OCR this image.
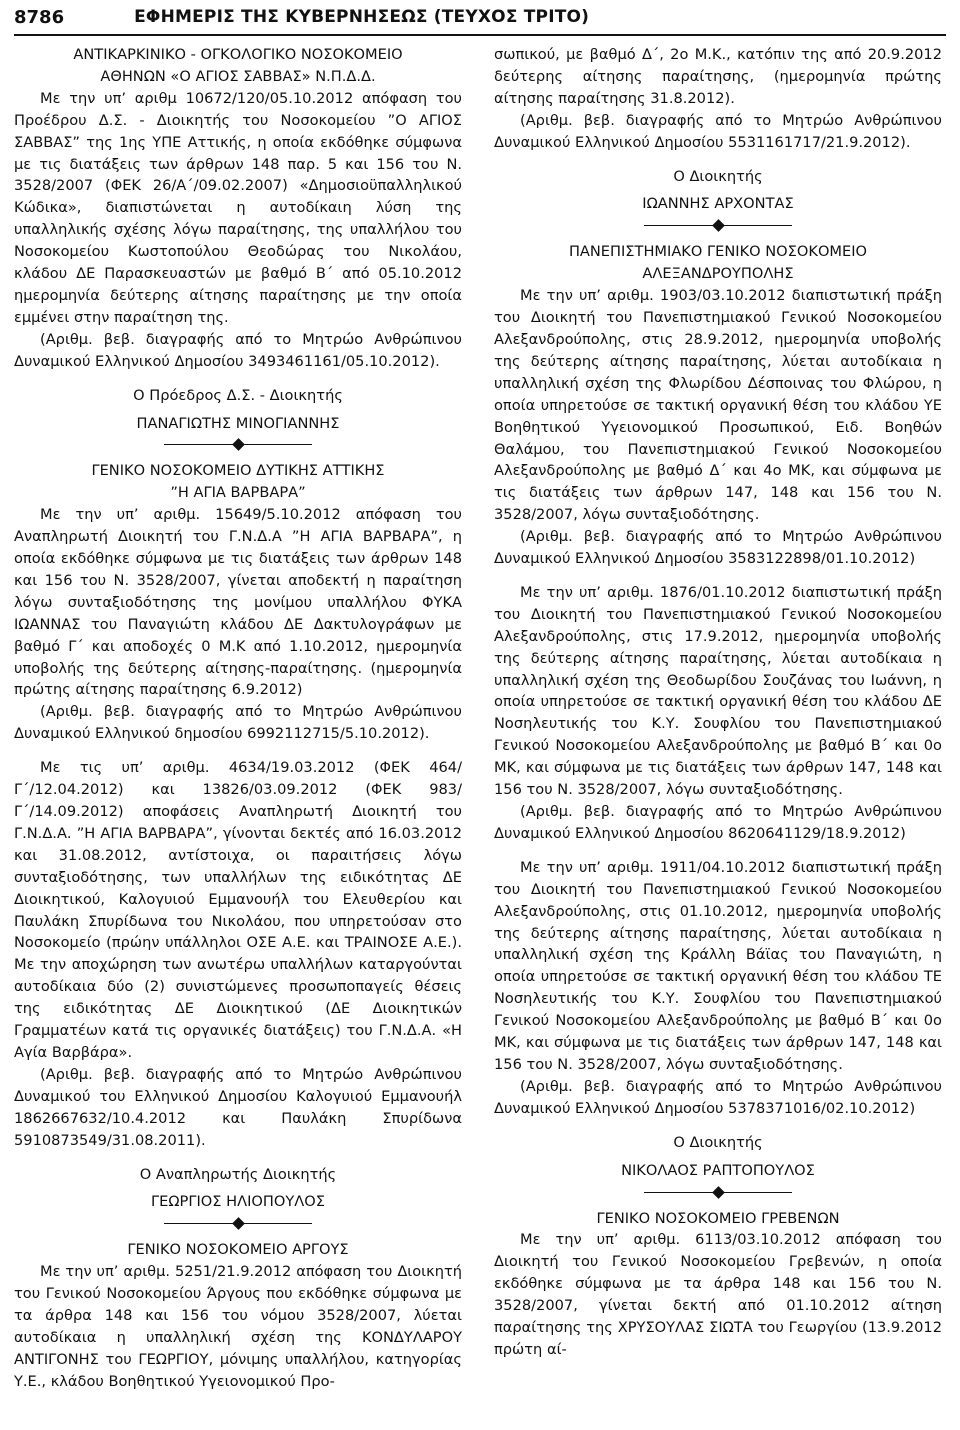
8786	ΕΦΗΜΕΡΙΣ ΤΗΣ ΚΥΒΕΡΝΗΣΕΩΣ (ΤΕΥΧΟΣ ΤΡΙΤΟ)

ΑΝΤΙΚΑΡΚΙΝΙΚΟ - ΟΓΚΟΛΟΓΙΚΟ ΝΟΣΟΚΟΜΕΙΟ

ΑΘΗΝΩΝ «Ο ΑΓΙΟΣ ΣΑΒΒΑΣ» Ν.Π.Δ.Δ.

Με την υπ’ αριθμ 10672/120/05.10.2012 απόφαση του Προέδρου Δ.Σ. - Διοικητής του Νοσοκομείου ”Ο ΑΓΙΟΣ ΣΑΒΒΑΣ” της 1ης ΥΠΕ Αττικής, η οποία εκδόθηκε σύμφωνα με τις διατάξεις των άρθρων 148 παρ. 5 και 156 του Ν. 3528/2007 (ΦΕΚ 26/Α΄/09.02.2007) «Δημοσιοϋπαλληλικού Κώδικα», διαπιστώνεται η αυτοδίκαιη λύση της υπαλληλικής σχέσης λόγω παραίτησης, της υπαλλήλου του Νοσοκομείου Κωστοπούλου Θεοδώρας του Νικολάου, κλάδου ΔΕ Παρασκευαστών με βαθμό Β΄ από 05.10.2012 ημερομηνία δεύτερης αίτησης παραίτησης με την οποία εμμένει στην παραίτηση της.

(Αριθμ. βεβ. διαγραφής από το Μητρώο Ανθρώπινου Δυναμικού Ελληνικού Δημοσίου 3493461161/05.10.2012).

Ο Πρόεδρος Δ.Σ. - Διοικητής

ΠΑΝΑΓΙΩΤΗΣ ΜΙΝΟΓΙΑΝΝΗΣ

ΓΕΝΙΚΟ ΝΟΣΟΚΟΜΕΙΟ ΔΥΤΙΚΗΣ ΑΤΤΙΚΗΣ

”Η ΑΓΙΑ ΒΑΡΒΑΡΑ”

Με την υπ’ αριθμ. 15649/5.10.2012 απόφαση του Αναπληρωτή Διοικητή του Γ.Ν.Δ.Α ”Η ΑΓΙΑ ΒΑΡΒΑΡΑ”, η οποία εκδόθηκε σύμφωνα με τις διατάξεις των άρθρων 148 και 156 του Ν. 3528/2007, γίνεται αποδεκτή η παραίτηση λόγω συνταξιοδότησης της μονίμου υπαλλήλου ΦΥΚΑ ΙΩΑΝΝΑΣ του Παναγιώτη κλάδου ΔΕ Δακτυλογράφων με βαθμό Γ΄ και αποδοχές 0 Μ.Κ από 1.10.2012, ημερομηνία υποβολής της δεύτερης αίτησης-παραίτησης. (ημερομηνία πρώτης αίτησης παραίτησης 6.9.2012)

(Αριθμ. βεβ. διαγραφής από το Μητρώο Ανθρώπινου Δυναμικού Ελληνικού δημοσίου 6992112715/5.10.2012).

Με τις υπ’ αριθμ. 4634/19.03.2012 (ΦΕΚ 464/Γ΄/12.04.2012) και 13826/03.09.2012 (ΦΕΚ 983/Γ΄/14.09.2012) αποφάσεις Αναπληρωτή Διοικητή του Γ.Ν.Δ.Α. ”Η ΑΓΙΑ ΒΑΡΒΑΡΑ”, γίνονται δεκτές από 16.03.2012 και 31.08.2012, αντίστοιχα, οι παραιτήσεις λόγω συνταξιοδότησης, των υπαλλήλων της ειδικότητας ΔΕ Διοικητικού, Καλογυιού Εμμανουήλ του Ελευθερίου και Παυλάκη Σπυρίδωνα του Νικολάου, που υπηρετούσαν στο Νοσοκομείο (πρώην υπάλληλοι ΟΣΕ Α.Ε. και ΤΡΑΙΝΟΣΕ Α.Ε.). Με την αποχώρηση των ανωτέρω υπαλλήλων καταργούνται αυτοδίκαια δύο (2) συνιστώμενες προσωποπαγείς θέσεις της ειδικότητας ΔΕ Διοικητικού (ΔΕ Διοικητικών Γραμματέων κατά τις οργανικές διατάξεις) του Γ.Ν.Δ.Α. «Η Αγία Βαρβάρα».

(Αριθμ. βεβ. διαγραφής από το Μητρώο Ανθρώπινου Δυναμικού του Ελληνικού Δημοσίου Καλογυιού Εμμανουήλ 1862667632/10.4.2012 και Παυλάκη Σπυρίδωνα 5910873549/31.08.2011).

Ο Αναπληρωτής Διοικητής

ΓΕΩΡΓΙΟΣ ΗΛΙΟΠΟΥΛΟΣ

ΓΕΝΙΚΟ ΝΟΣΟΚΟΜΕΙΟ ΑΡΓΟΥΣ

Με την υπ’ αριθμ. 5251/21.9.2012 απόφαση του Διοικητή του Γενικού Νοσοκομείου Άργους που εκδόθηκε σύμφωνα με τα άρθρα 148 και 156 του νόμου 3528/2007, λύεται αυτοδίκαια η υπαλληλική σχέση της ΚΟΝΔΥΛΑΡΟΥ ΑΝΤΙΓΟΝΗΣ του ΓΕΩΡΓΙΟΥ, μόνιμης υπαλλήλου, κατηγορίας Υ.Ε., κλάδου Βοηθητικού Υγειονομικού Προ-

σωπικού, με βαθμό Δ΄, 2ο Μ.Κ., κατόπιν της από 20.9.2012 δεύτερης αίτησης παραίτησης, (ημερομηνία πρώτης αίτησης παραίτησης 31.8.2012).

(Αριθμ. βεβ. διαγραφής από το Μητρώο Ανθρώπινου Δυναμικού Ελληνικού Δημοσίου 5531161717/21.9.2012).

Ο Διοικητής

ΙΩΑΝΝΗΣ ΑΡΧΟΝΤΑΣ

ΠΑΝΕΠΙΣΤΗΜΙΑΚΟ ΓΕΝΙΚΟ ΝΟΣΟΚΟΜΕΙΟ

ΑΛΕΞΑΝΔΡΟΥΠΟΛΗΣ

Με την υπ’ αριθμ. 1903/03.10.2012 διαπιστωτική πράξη του Διοικητή του Πανεπιστημιακού Γενικού Νοσοκομείου Αλεξανδρούπολης, στις 28.9.2012, ημερομηνία υποβολής της δεύτερης αίτησης παραίτησης, λύεται αυτοδίκαια η υπαλληλική σχέση της Φλωρίδου Δέσποινας του Φλώρου, η οποία υπηρετούσε σε τακτική οργανική θέση του κλάδου ΥΕ Βοηθητικού Υγειονομικού Προσωπικού, Ειδ. Βοηθών Θαλάμου, του Πανεπιστημιακού Γενικού Νοσοκομείου Αλεξανδρούπολης με βαθμό Δ΄ και 4ο ΜΚ, και σύμφωνα με τις διατάξεις των άρθρων 147, 148 και 156 του Ν. 3528/2007, λόγω συνταξιοδότησης.

(Αριθμ. βεβ. διαγραφής από το Μητρώο Ανθρώπινου Δυναμικού Ελληνικού Δημοσίου 3583122898/01.10.2012)

Με την υπ’ αριθμ. 1876/01.10.2012 διαπιστωτική πράξη του Διοικητή του Πανεπιστημιακού Γενικού Νοσοκομείου Αλεξανδρούπολης, στις 17.9.2012, ημερομηνία υποβολής της δεύτερης αίτησης παραίτησης, λύεται αυτοδίκαια η υπαλληλική σχέση της Θεοδωρίδου Σουζάνας του Ιωάννη, η οποία υπηρετούσε σε τακτική οργανική θέση του κλάδου ΔΕ Νοσηλευτικής του Κ.Υ. Σουφλίου του Πανεπιστημιακού Γενικού Νοσοκομείου Αλεξανδρούπολης με βαθμό Β΄ και 0ο ΜΚ, και σύμφωνα με τις διατάξεις των άρθρων 147, 148 και 156 του Ν. 3528/2007, λόγω συνταξιοδότησης.

(Αριθμ. βεβ. διαγραφής από το Μητρώο Ανθρώπινου Δυναμικού Ελληνικού Δημοσίου 8620641129/18.9.2012)

Με την υπ’ αριθμ. 1911/04.10.2012 διαπιστωτική πράξη του Διοικητή του Πανεπιστημιακού Γενικού Νοσοκομείου Αλεξανδρούπολης, στις 01.10.2012, ημερομηνία υποβολής της δεύτερης αίτησης παραίτησης, λύεται αυτοδίκαια η υπαλληλική σχέση της Κράλλη Βάϊας του Παναγιώτη, η οποία υπηρετούσε σε τακτική οργανική θέση του κλάδου ΤΕ Νοσηλευτικής του Κ.Υ. Σουφλίου του Πανεπιστημιακού Γενικού Νοσοκομείου Αλεξανδρούπολης με βαθμό Β΄ και 0ο ΜΚ, και σύμφωνα με τις διατάξεις των άρθρων 147, 148 και 156 του Ν. 3528/2007, λόγω συνταξιοδότησης.

(Αριθμ. βεβ. διαγραφής από το Μητρώο Ανθρώπινου Δυναμικού Ελληνικού Δημοσίου 5378371016/02.10.2012)

Ο Διοικητής

ΝΙΚΟΛΑΟΣ ΡΑΠΤΟΠΟΥΛΟΣ

ΓΕΝΙΚΟ ΝΟΣΟΚΟΜΕΙΟ ΓΡΕΒΕΝΩΝ

Με την υπ’ αριθμ. 6113/03.10.2012 απόφαση του Διοικητή του Γενικού Νοσοκομείου Γρεβενών, η οποία εκδόθηκε σύμφωνα με τα άρθρα 148 και 156 του Ν. 3528/2007, γίνεται δεκτή από 01.10.2012 αίτηση παραίτησης της ΧΡΥΣΟΥΛΑΣ ΣΙΩΤΑ του Γεωργίου (13.9.2012 πρώτη αί-
